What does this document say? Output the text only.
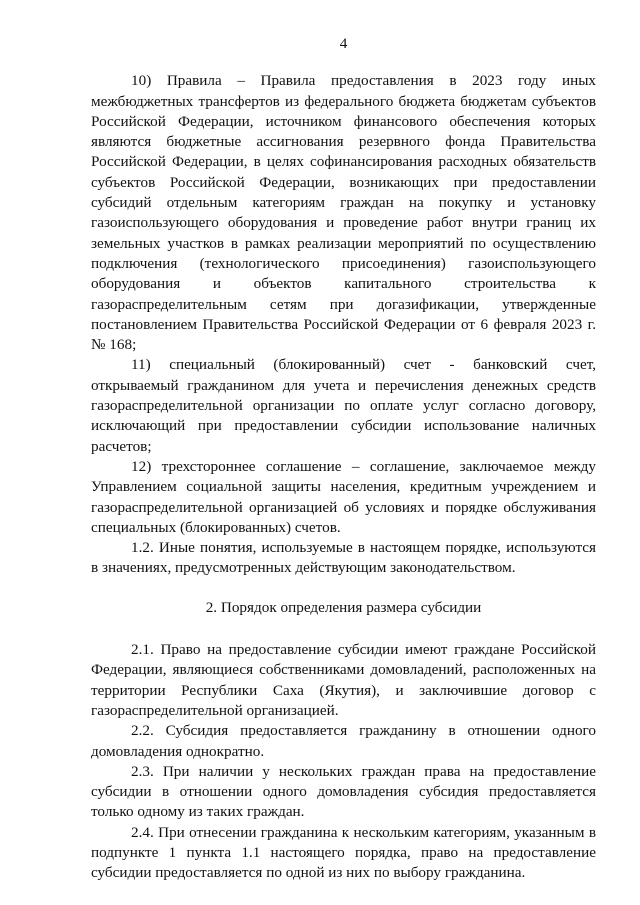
4

10) Правила – Правила предоставления в 2023 году иных межбюджетных трансфертов из федерального бюджета бюджетам субъектов Российской Федерации, источником финансового обеспечения которых являются бюджетные ассигнования резервного фонда Правительства Российской Федерации, в целях софинансирования расходных обязательств субъектов Российской Федерации, возникающих при предоставлении субсидий отдельным категориям граждан на покупку и установку газоиспользующего оборудования и проведение работ внутри границ их земельных участков в рамках реализации мероприятий по осуществлению подключения (технологического присоединения) газоиспользующего оборудования и объектов капитального строительства к газораспределительным сетям при догазификации, утвержденные постановлением Правительства Российской Федерации от 6 февраля 2023 г. № 168;

11) специальный (блокированный) счет - банковский счет, открываемый гражданином для учета и перечисления денежных средств газораспределительной организации по оплате услуг согласно договору, исключающий при предоставлении субсидии использование наличных расчетов;

12) трехстороннее соглашение – соглашение, заключаемое между Управлением социальной защиты населения, кредитным учреждением и газораспределительной организацией об условиях и порядке обслуживания специальных (блокированных) счетов.

1.2. Иные понятия, используемые в настоящем порядке, используются в значениях, предусмотренных действующим законодательством.

2. Порядок определения размера субсидии

2.1. Право на предоставление субсидии имеют граждане Российской Федерации, являющиеся собственниками домовладений, расположенных на территории Республики Саха (Якутия), и заключившие договор с газораспределительной организацией.

2.2. Субсидия предоставляется гражданину в отношении одного домовладения однократно.

2.3. При наличии у нескольких граждан права на предоставление субсидии в отношении одного домовладения субсидия предоставляется только одному из таких граждан.

2.4. При отнесении гражданина к нескольким категориям, указанным в подпункте 1 пункта 1.1 настоящего порядка, право на предоставление субсидии предоставляется по одной из них по выбору гражданина.
